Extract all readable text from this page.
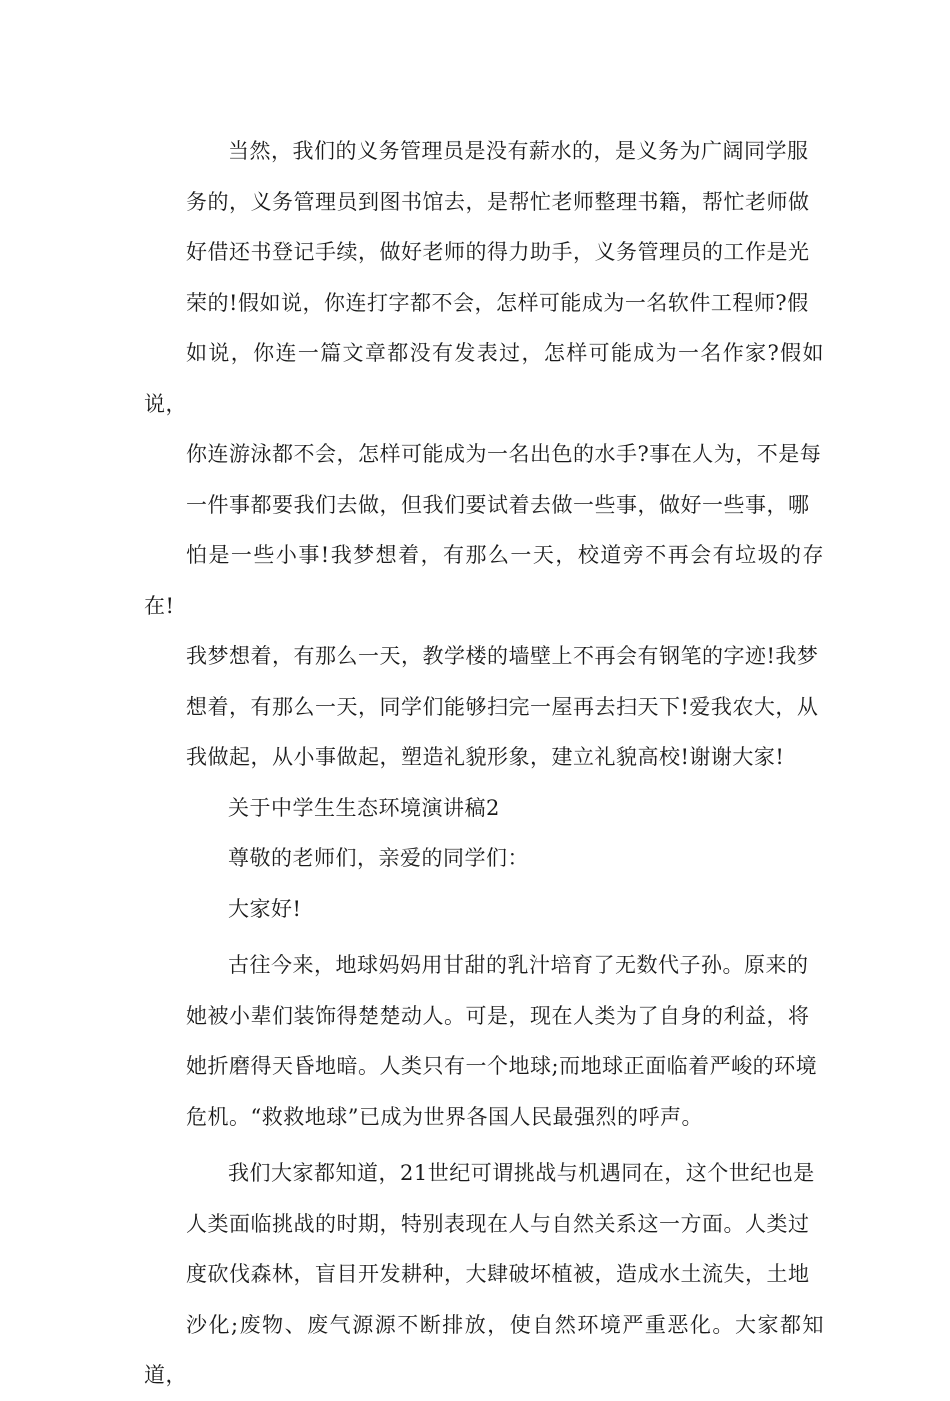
当然，我们的义务管理员是没有薪水的，是义务为广阔同学服
务的，义务管理员到图书馆去，是帮忙老师整理书籍，帮忙老师做
好借还书登记手续，做好老师的得力助手，义务管理员的工作是光
荣的!假如说，你连打字都不会，怎样可能成为一名软件工程师?假
如说，你连一篇文章都没有发表过，怎样可能成为一名作家?假如说，
你连游泳都不会，怎样可能成为一名出色的水手?事在人为，不是每
一件事都要我们去做，但我们要试着去做一些事，做好一些事，哪
怕是一些小事!我梦想着，有那么一天，校道旁不再会有垃圾的存在!
我梦想着，有那么一天，教学楼的墙壁上不再会有钢笔的字迹!我梦
想着，有那么一天，同学们能够扫完一屋再去扫天下!爱我农大，从
我做起，从小事做起，塑造礼貌形象，建立礼貌高校!谢谢大家!

关于中学生生态环境演讲稿2

尊敬的老师们，亲爱的同学们：

大家好!

古往今来，地球妈妈用甘甜的乳汁培育了无数代子孙。原来的
她被小辈们装饰得楚楚动人。可是，现在人类为了自身的利益，将
她折磨得天昏地暗。人类只有一个地球;而地球正面临着严峻的环境
危机。“救救地球”已成为世界各国人民最强烈的呼声。

我们大家都知道，21世纪可谓挑战与机遇同在，这个世纪也是
人类面临挑战的时期，特别表现在人与自然关系这一方面。人类过
度砍伐森林，盲目开发耕种，大肆破坏植被，造成水土流失，土地
沙化;废物、废气源源不断排放，使自然环境严重恶化。大家都知道，
